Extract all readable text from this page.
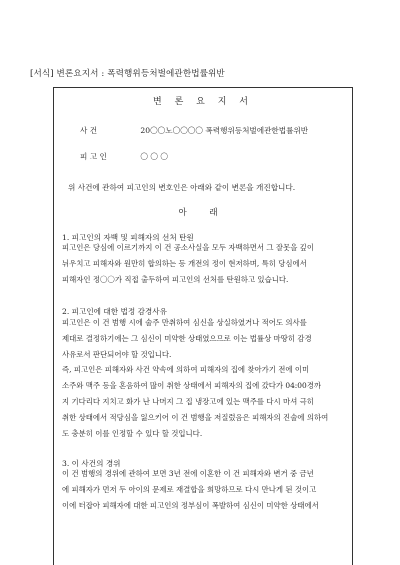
[서식] 변론요지서 : 폭력행위등처벌에관한법률위반
변 론 요 지 서
사 건	20〇〇노〇〇〇〇 폭력행위등처벌에관한법률위반
피 고 인	〇 〇 〇
위 사건에 관하여 피고인의 변호인은 아래와 같이 변론을 개진합니다.
아 래
1. 피고인의 자백 및 피해자의 선처 탄원
피고인은 당심에 이르기까지 이 건 공소사실을 모두 자백하면서 그 잘못을 깊이
뉘우치고 피해자와 원만히 합의하는 등 개전의 정이 현저하며, 특히 당심에서
피해자인 정〇〇가 직접 출두하여 피고인의 선처를 탄원하고 있습니다.
2. 피고인에 대한 법정 감경사유
피고인은 이 건 범행 시에 술주 만취하여 심신을 상실하였거나 적어도 의사를
제대로 결정하기에는 그 심신이 미약한 상태였으므로 이는 법률상 마땅히 감경
사유로서 판단되어야 할 것입니다.
즉, 피고인은 피해자와 사건 약속에 의하여 피해자의 집에 찾아가기 전에 이미
소주와 맥주 등을 혼음하여 많이 취한 상태에서 피해자의 집에 갔다가 04:00경까
지 기다리다 지치고 화가 난 나머지 그 집 냉장고에 있는 맥주를 다시 마셔 극히
취한 상태에서 적당심을 잃으키어 이 건 범행을 저질렀음은 피해자의 진술에 의하여
도 충분히 이를 인정할 수 있다 할 것입니다.
3. 이 사건의 경위
이 건 범행의 경위에 관하여 보면 3년 전에 이혼한 이 건 피해자와 변거 중 금년
에 피해자가 먼저 두 아이의 문제로 재결합을 희망하므로 다시 만나게 된 것이고
이에 터잡아 피해자에 대한 피고인의 정부심이 폭발하여 심신이 미약한 상태에서
